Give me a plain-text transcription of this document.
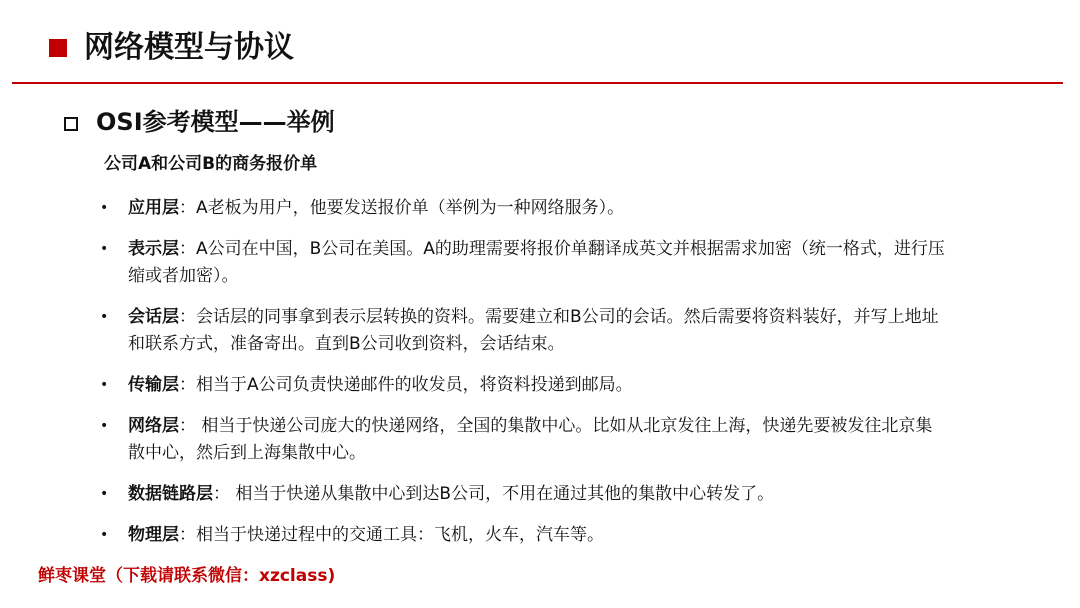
网络模型与协议
OSI参考模型——举例
公司A和公司B的商务报价单
• 应用层：A老板为用户，他要发送报价单（举例为一种网络服务）。
• 表示层：A公司在中国，B公司在美国。A的助理需要将报价单翻译成英文并根据需求加密（统一格式，进行压缩或者加密）。
• 会话层：会话层的同事拿到表示层转换的资料。需要建立和B公司的会话。然后需要将资料装好，并写上地址和联系方式，准备寄出。直到B公司收到资料，会话结束。
• 传输层：相当于A公司负责快递邮件的收发员，将资料投递到邮局。
• 网络层： 相当于快递公司庞大的快递网络，全国的集散中心。比如从北京发往上海，快递先要被发往北京集散中心，然后到上海集散中心。
• 数据链路层： 相当于快递从集散中心到达B公司，不用在通过其他的集散中心转发了。
• 物理层：相当于快递过程中的交通工具：飞机，火车，汽车等。
鲜枣课堂（下载请联系微信：xzclass)
